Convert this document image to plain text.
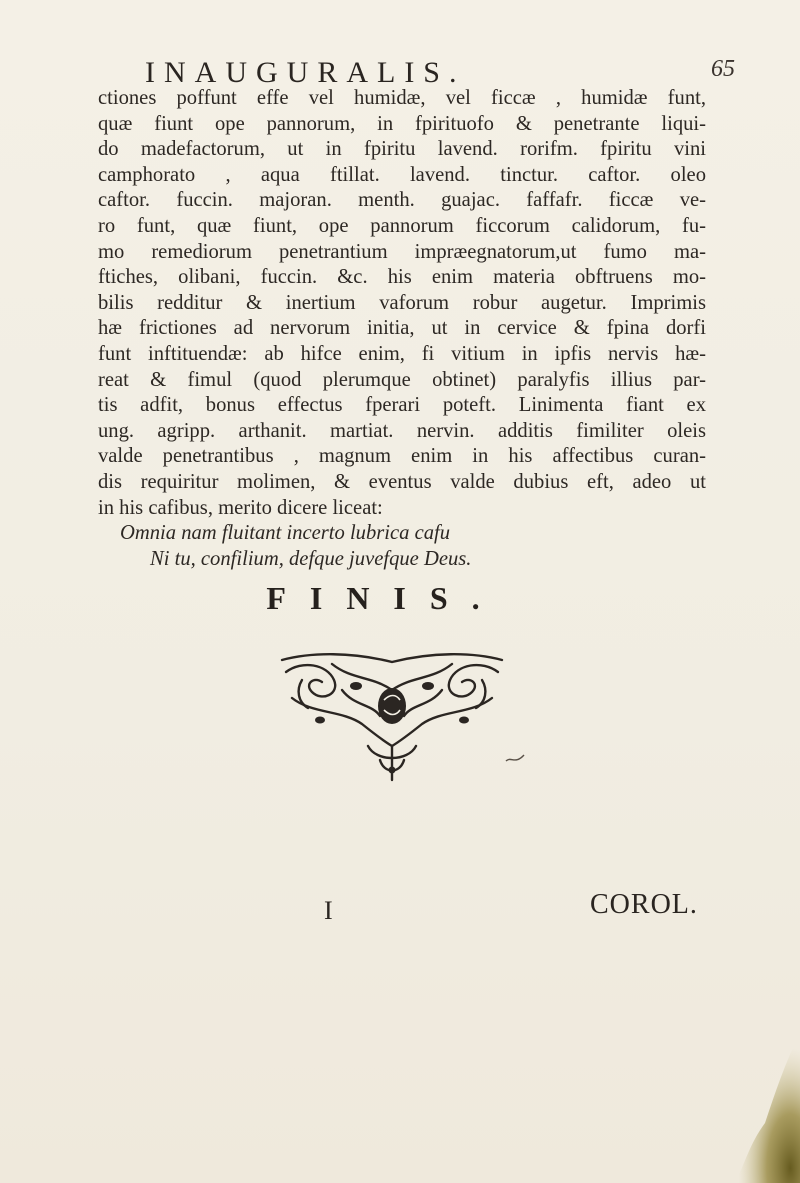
INAUGURALIS.	65
ctiones poffunt effe vel humidæ, vel ficcæ , humidæ funt,
quæ fiunt ope pannorum, in fpirituofo & penetrante liqui-
do madefactorum, ut in fpiritu lavend. rorifm. fpiritu vini
camphorato , aqua ftillat. lavend. tinctur. caftor. oleo
caftor. fuccin. majoran. menth. guajac. faffafr. ficcæ ve-
ro funt, quæ fiunt, ope pannorum ficcorum calidorum, fu-
mo remediorum penetrantium impræegnatorum,ut fumo ma-
ftiches, olibani, fuccin. &c. his enim materia obftruens mo-
bilis redditur & inertium vaforum robur augetur. Imprimis
hæ frictiones ad nervorum initia, ut in cervice & fpina dorfi
funt inftituendæ: ab hifce enim, fi vitium in ipfis nervis hæ-
reat & fimul (quod plerumque obtinet) paralyfis illius par-
tis adfit, bonus effectus fperari poteft. Linimenta fiant ex
ung. agripp. arthanit. martiat. nervin. additis fimiliter oleis
valde penetrantibus , magnum enim in his affectibus curan-
dis requiritur molimen, & eventus valde dubius eft, adeo ut
in his cafibus, merito dicere liceat:
Omnia nam fluitant incerto lubrica cafu
Ni tu, confilium, defque juvefque Deus.
FINIS.
I	COROL.
